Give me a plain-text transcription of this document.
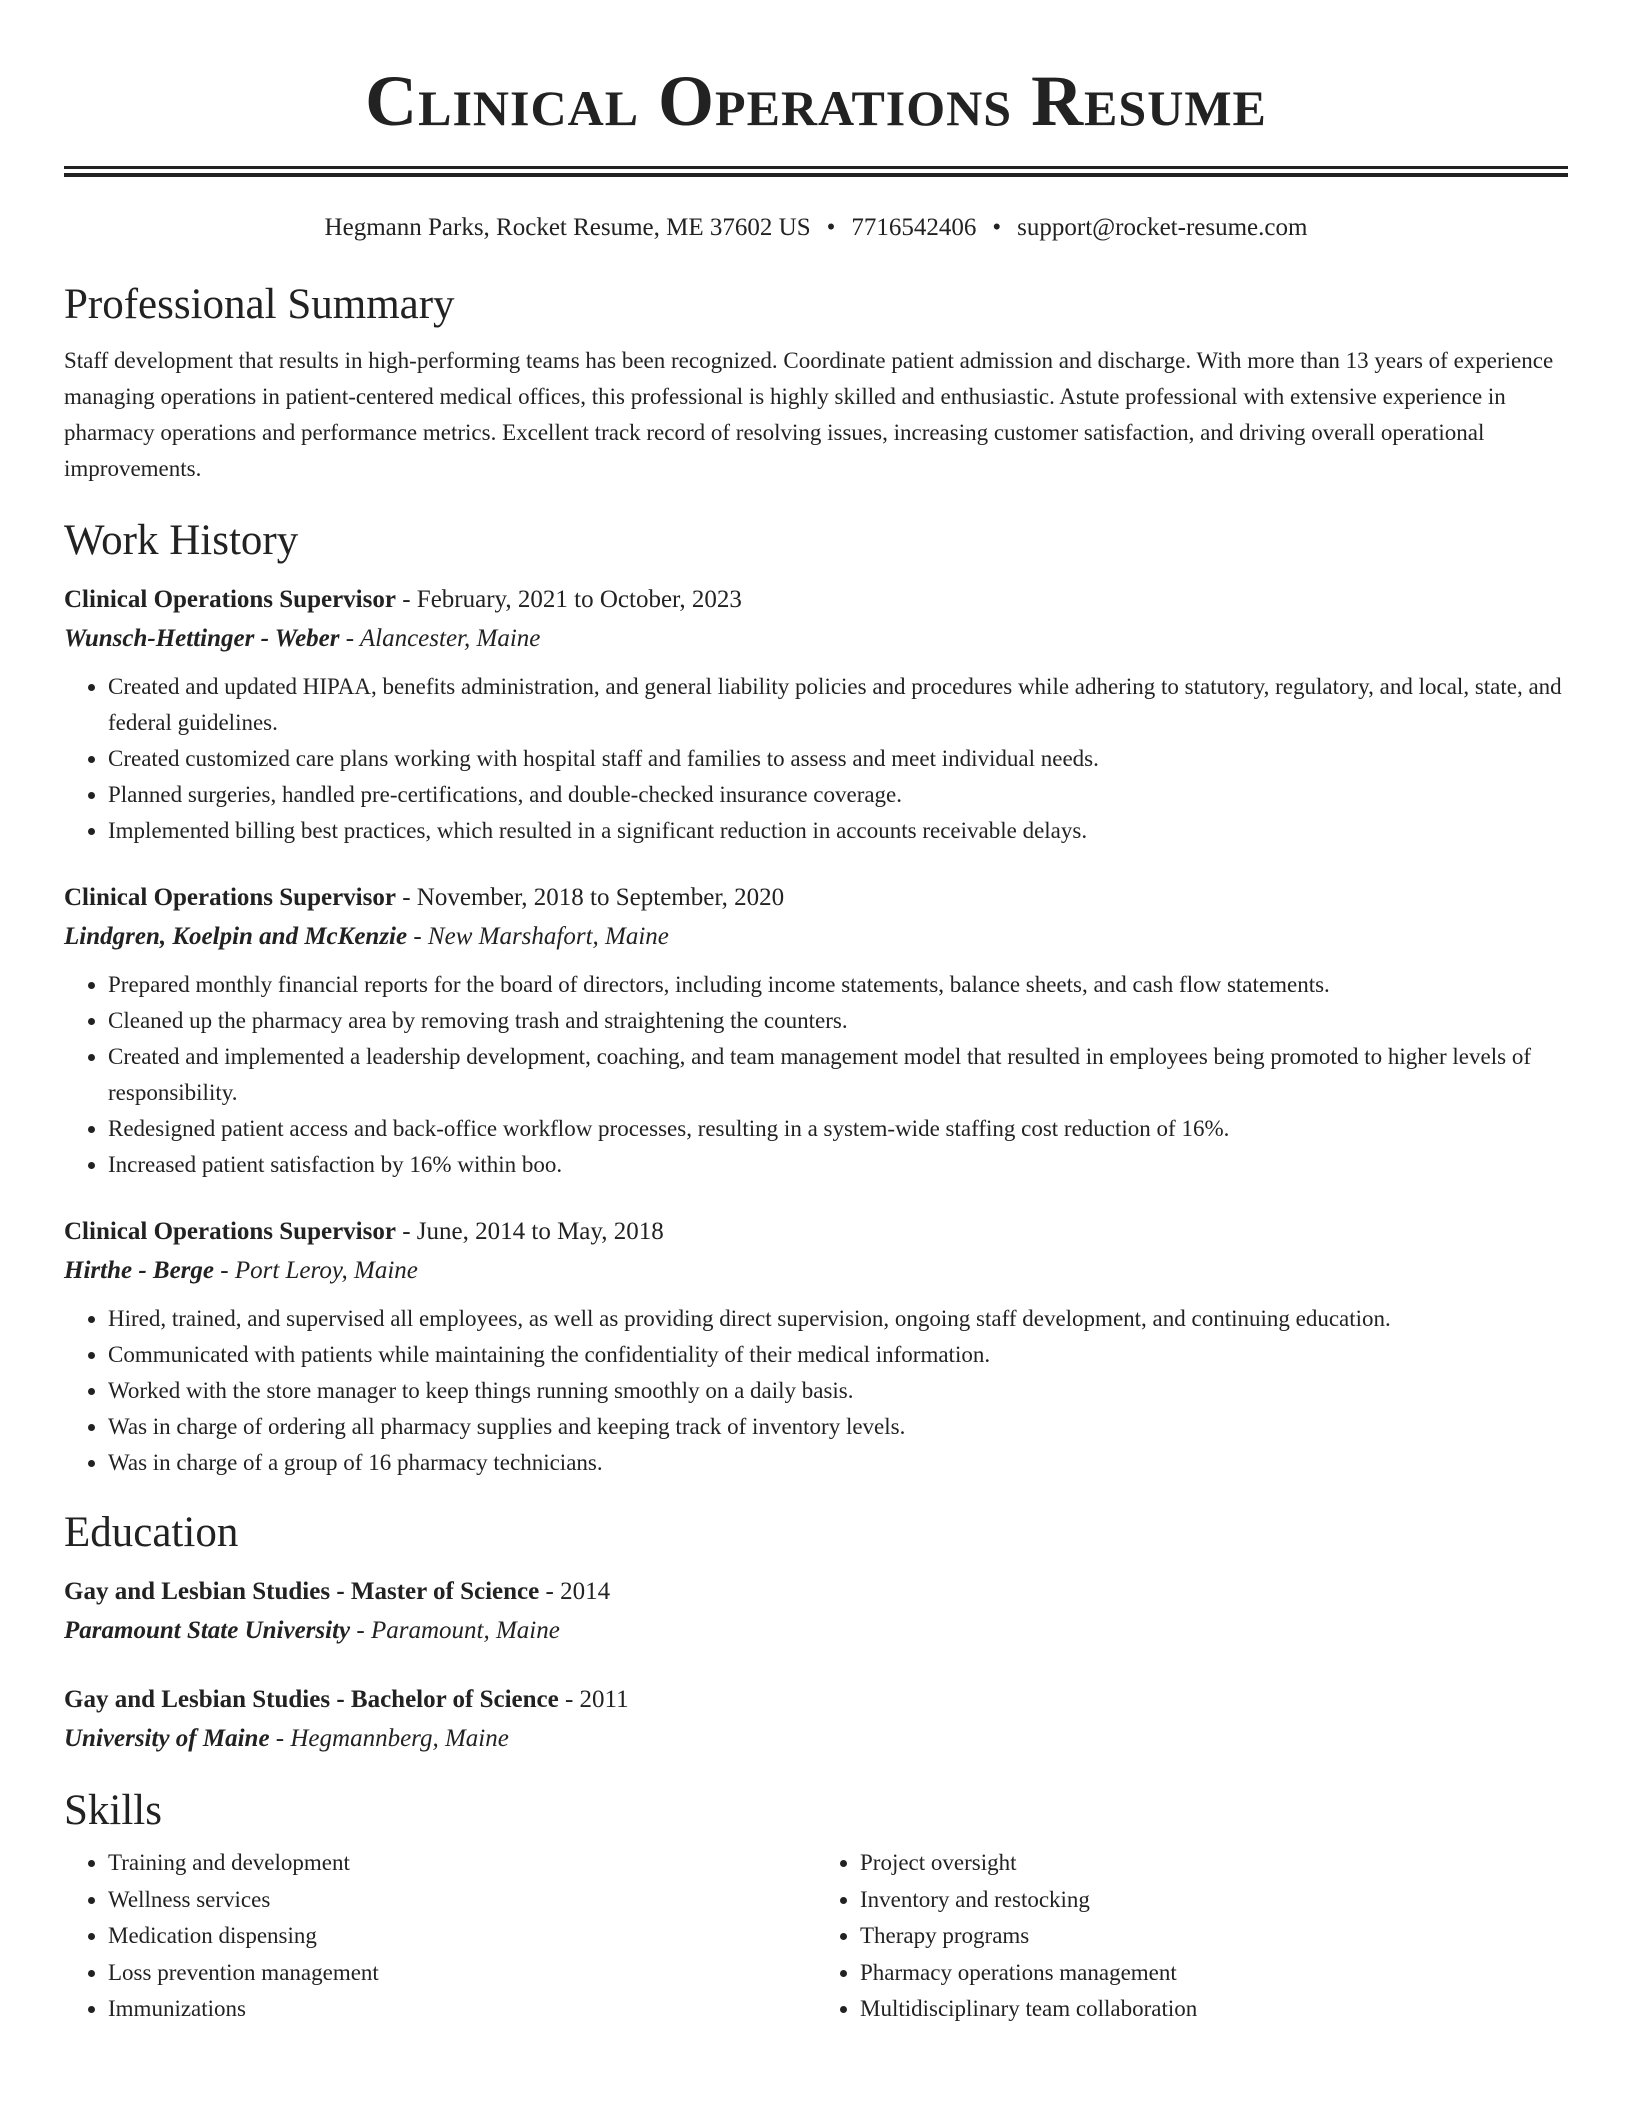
Clinical Operations Resume
Hegmann Parks, Rocket Resume, ME 37602 US • 7716542406 • support@rocket-resume.com
Professional Summary

Staff development that results in high-performing teams has been recognized. Coordinate patient admission and discharge. With more than 13 years of experience managing operations in patient-centered medical offices, this professional is highly skilled and enthusiastic. Astute professional with extensive experience in pharmacy operations and performance metrics. Excellent track record of resolving issues, increasing customer satisfaction, and driving overall operational improvements.

Work History
Clinical Operations Supervisor - February, 2021 to October, 2023
Wunsch-Hettinger - Weber - Alancester, Maine
• Created and updated HIPAA, benefits administration, and general liability policies and procedures while adhering to statutory, regulatory, and local, state, and federal guidelines.
• Created customized care plans working with hospital staff and families to assess and meet individual needs.
• Planned surgeries, handled pre-certifications, and double-checked insurance coverage.
• Implemented billing best practices, which resulted in a significant reduction in accounts receivable delays.
Clinical Operations Supervisor - November, 2018 to September, 2020
Lindgren, Koelpin and McKenzie - New Marshafort, Maine
• Prepared monthly financial reports for the board of directors, including income statements, balance sheets, and cash flow statements.
• Cleaned up the pharmacy area by removing trash and straightening the counters.
• Created and implemented a leadership development, coaching, and team management model that resulted in employees being promoted to higher levels of responsibility.
• Redesigned patient access and back-office workflow processes, resulting in a system-wide staffing cost reduction of 16%.
• Increased patient satisfaction by 16% within boo.
Clinical Operations Supervisor - June, 2014 to May, 2018
Hirthe - Berge - Port Leroy, Maine
• Hired, trained, and supervised all employees, as well as providing direct supervision, ongoing staff development, and continuing education.
• Communicated with patients while maintaining the confidentiality of their medical information.
• Worked with the store manager to keep things running smoothly on a daily basis.
• Was in charge of ordering all pharmacy supplies and keeping track of inventory levels.
• Was in charge of a group of 16 pharmacy technicians.
Education
Gay and Lesbian Studies - Master of Science - 2014
Paramount State University - Paramount, Maine
Gay and Lesbian Studies - Bachelor of Science - 2011
University of Maine - Hegmannberg, Maine
Skills
• Training and development
• Wellness services
• Medication dispensing
• Loss prevention management
• Immunizations
• Project oversight
• Inventory and restocking
• Therapy programs
• Pharmacy operations management
• Multidisciplinary team collaboration
